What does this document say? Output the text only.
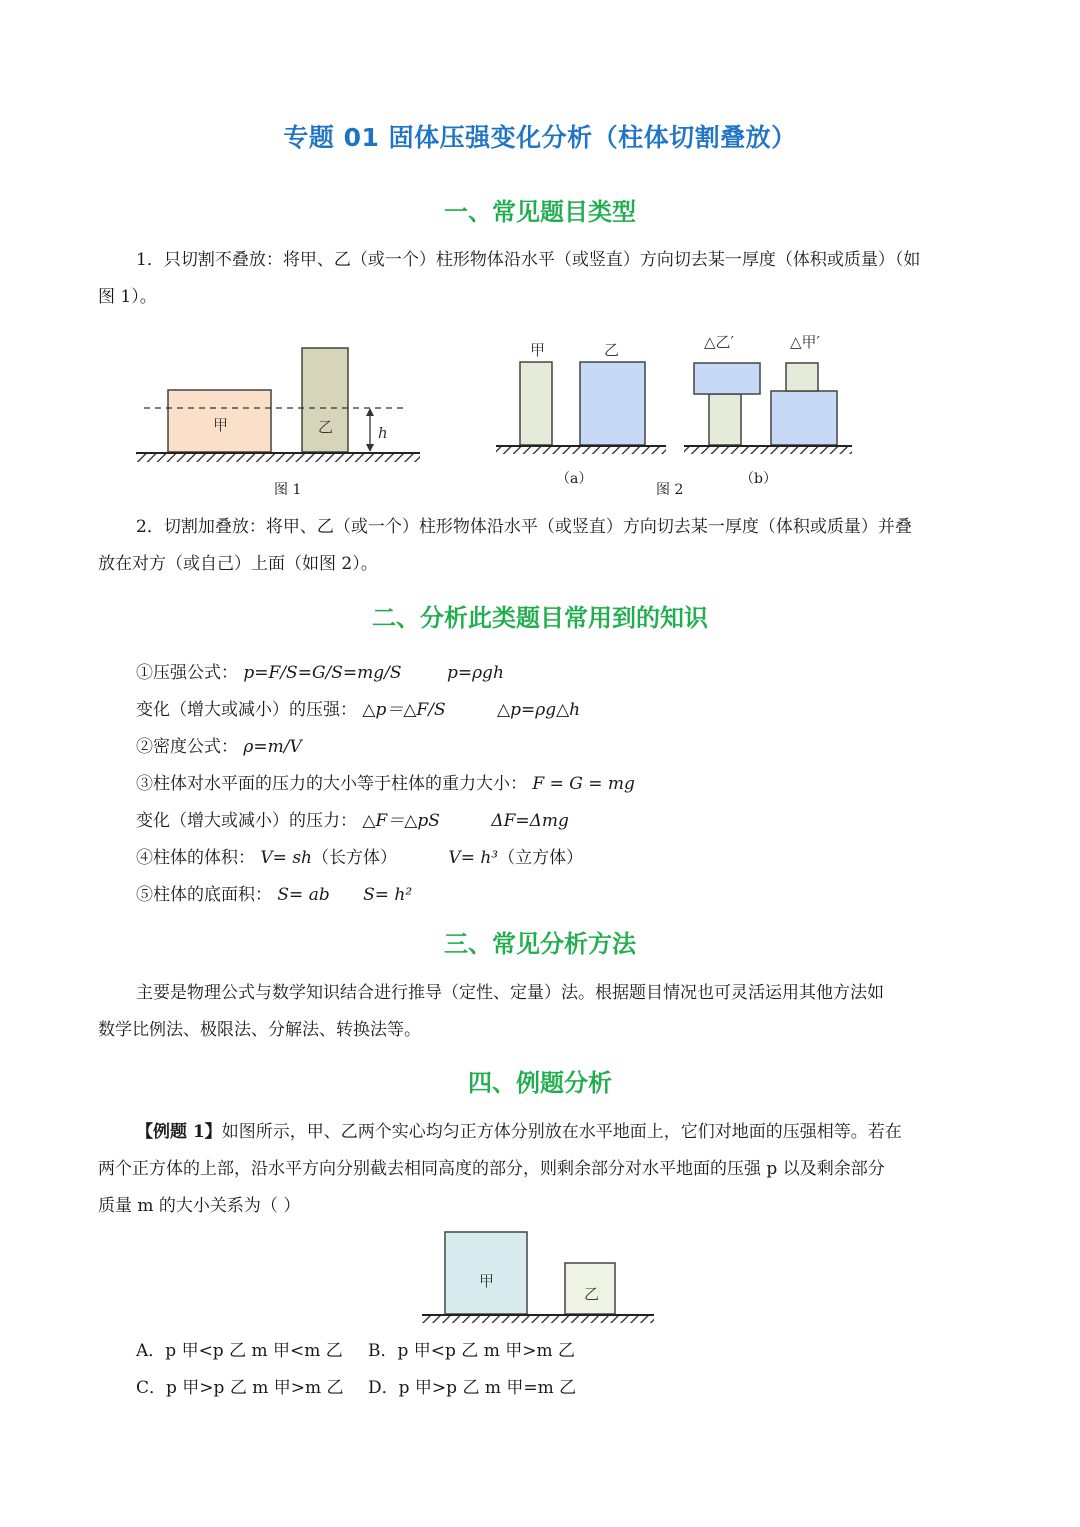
专题 01 固体压强变化分析（柱体切割叠放）
一、常见题目类型
1．只切割不叠放：将甲、乙（或一个）柱形物体沿水平（或竖直）方向切去某一厚度（体积或质量）（如
图 1）。
甲	乙	h
图 1
甲	乙	△乙′	△甲′
（a）
图 2
（b）
2．切割加叠放：将甲、乙（或一个）柱形物体沿水平（或竖直）方向切去某一厚度（体积或质量）并叠
放在对方（或自己）上面（如图 2）。
二、分析此类题目常用到的知识
①压强公式： p=F/S=G/S=mg/S	p=ρgh
变化（增大或减小）的压强： △p＝△F/S	△p=ρg△h
②密度公式： ρ=m/V
③柱体对水平面的压力的大小等于柱体的重力大小： F = G = mg
变化（增大或减小）的压力： △F＝△pS	ΔF=Δmg
④柱体的体积： V= sh（长方体）	V= h³（立方体）
⑤柱体的底面积： S= ab S= h²
三、常见分析方法
主要是物理公式与数学知识结合进行推导（定性、定量）法。根据题目情况也可灵活运用其他方法如
数学比例法、极限法、分解法、转换法等。
四、例题分析
【例题 1】如图所示，甲、乙两个实心均匀正方体分别放在水平地面上，它们对地面的压强相等。若在
两个正方体的上部，沿水平方向分别截去相同高度的部分，则剩余部分对水平地面的压强 p 以及剩余部分
质量 m 的大小关系为（ ）
甲
乙
A．p 甲<p 乙 m 甲<m 乙 B．p 甲<p 乙 m 甲>m 乙
C．p 甲>p 乙 m 甲>m 乙 D．p 甲>p 乙 m 甲=m 乙
